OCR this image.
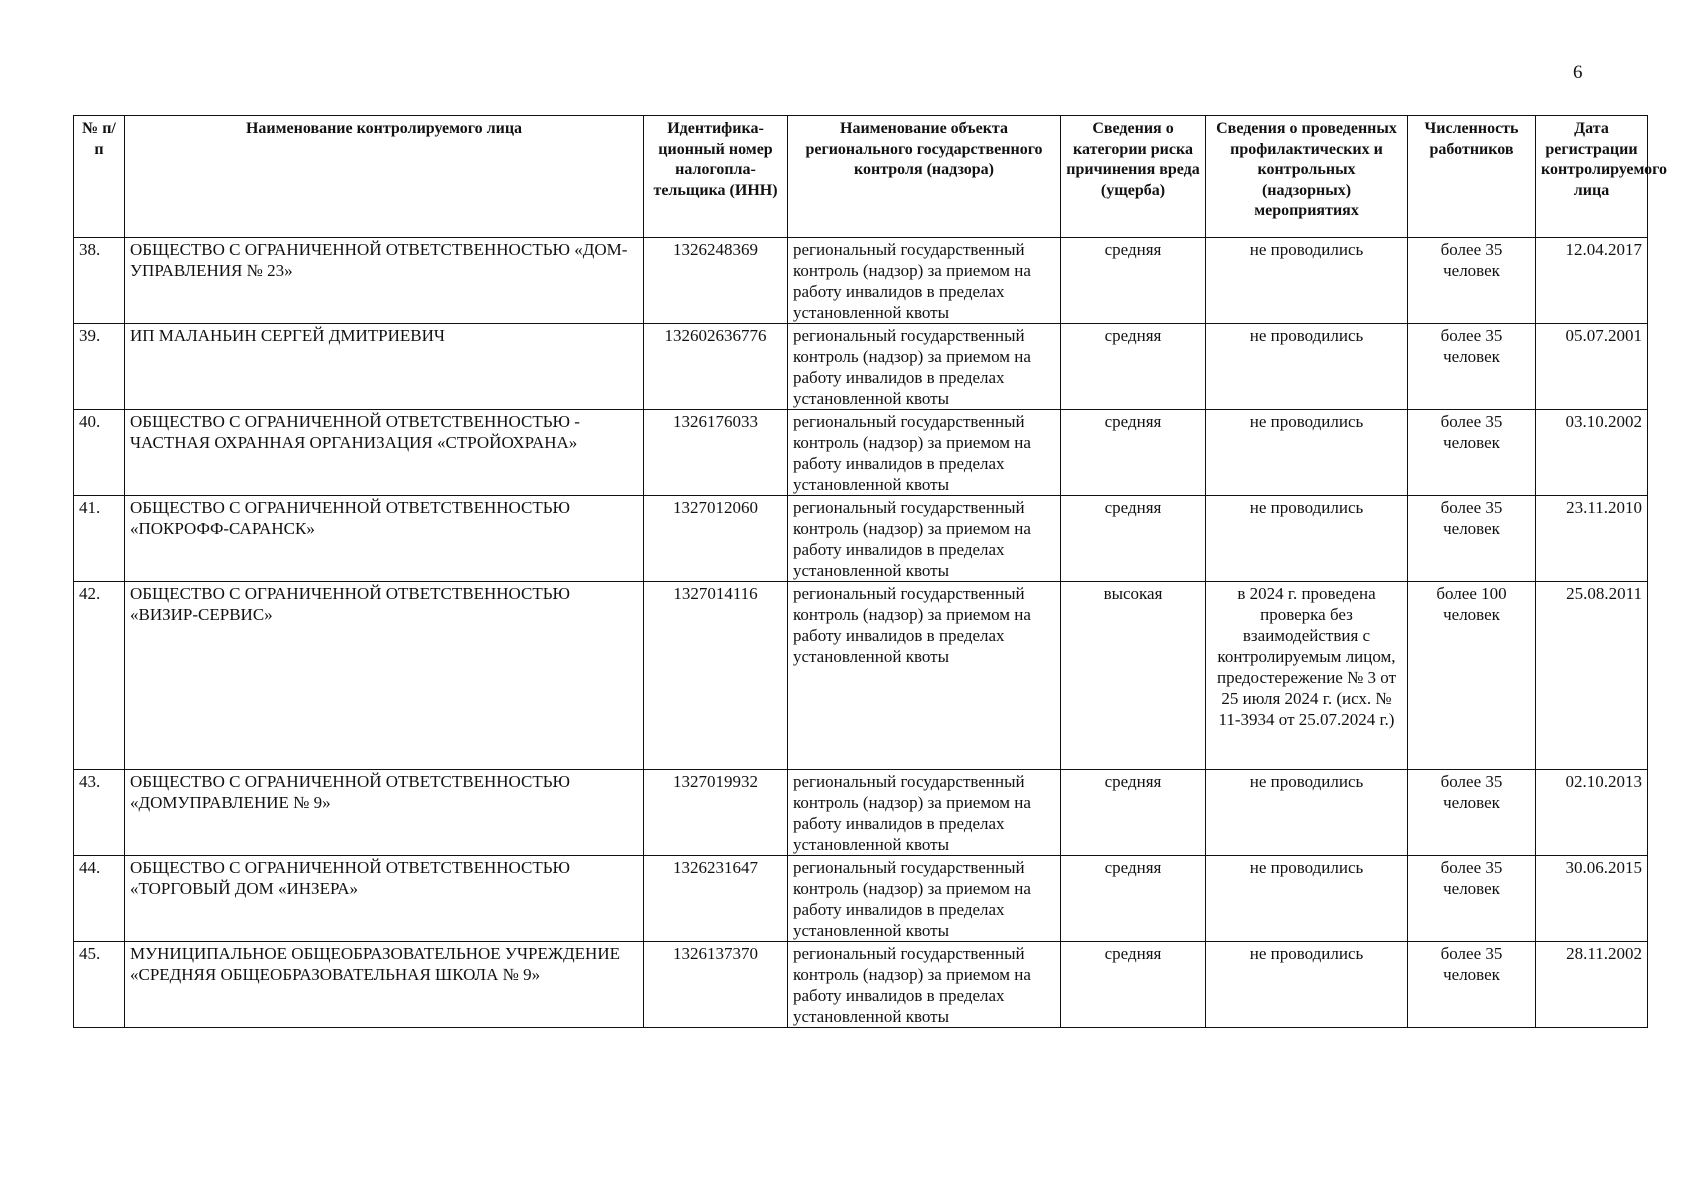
6
№ п/п	Наименование контролируемого лица	Идентифика-ционный номер налогопла-тельщика (ИНН)	Наименование объекта регионального государственного контроля (надзора)	Сведения о категории риска причинения вреда (ущерба)	Сведения о проведенных профилактических и контрольных (надзорных) мероприятиях	Численность работников	Дата регистрации контролируемого лица
38.	ОБЩЕСТВО С ОГРАНИЧЕННОЙ ОТВЕТСТВЕННОСТЬЮ «ДОМ-УПРАВЛЕНИЯ № 23»	1326248369	региональный государственный контроль (надзор) за приемом на работу инвалидов в пределах установленной квоты	средняя	не проводились	более 35 человек	12.04.2017
39.	ИП МАЛАНЬИН СЕРГЕЙ ДМИТРИЕВИЧ	132602636776	региональный государственный контроль (надзор) за приемом на работу инвалидов в пределах установленной квоты	средняя	не проводились	более 35 человек	05.07.2001
40.	ОБЩЕСТВО С ОГРАНИЧЕННОЙ ОТВЕТСТВЕННОСТЬЮ - ЧАСТНАЯ ОХРАННАЯ ОРГАНИЗАЦИЯ «СТРОЙОХРАНА»	1326176033	региональный государственный контроль (надзор) за приемом на работу инвалидов в пределах установленной квоты	средняя	не проводились	более 35 человек	03.10.2002
41.	ОБЩЕСТВО С ОГРАНИЧЕННОЙ ОТВЕТСТВЕННОСТЬЮ «ПОКРОФФ-САРАНСК»	1327012060	региональный государственный контроль (надзор) за приемом на работу инвалидов в пределах установленной квоты	средняя	не проводились	более 35 человек	23.11.2010
42.	ОБЩЕСТВО С ОГРАНИЧЕННОЙ ОТВЕТСТВЕННОСТЬЮ «ВИЗИР-СЕРВИС»	1327014116	региональный государственный контроль (надзор) за приемом на работу инвалидов в пределах установленной квоты	высокая	в 2024 г. проведена проверка без взаимодействия с контролируемым лицом, предостережение № 3 от 25 июля 2024 г. (исх. № 11-3934 от 25.07.2024 г.)	более 100 человек	25.08.2011
43.	ОБЩЕСТВО С ОГРАНИЧЕННОЙ ОТВЕТСТВЕННОСТЬЮ «ДОМУПРАВЛЕНИЕ № 9»	1327019932	региональный государственный контроль (надзор) за приемом на работу инвалидов в пределах установленной квоты	средняя	не проводились	более 35 человек	02.10.2013
44.	ОБЩЕСТВО С ОГРАНИЧЕННОЙ ОТВЕТСТВЕННОСТЬЮ «ТОРГОВЫЙ ДОМ «ИНЗЕРА»	1326231647	региональный государственный контроль (надзор) за приемом на работу инвалидов в пределах установленной квоты	средняя	не проводились	более 35 человек	30.06.2015
45.	МУНИЦИПАЛЬНОЕ ОБЩЕОБРАЗОВАТЕЛЬНОЕ УЧРЕЖДЕНИЕ «СРЕДНЯЯ ОБЩЕОБРАЗОВАТЕЛЬНАЯ ШКОЛА № 9»	1326137370	региональный государственный контроль (надзор) за приемом на работу инвалидов в пределах установленной квоты	средняя	не проводились	более 35 человек	28.11.2002
